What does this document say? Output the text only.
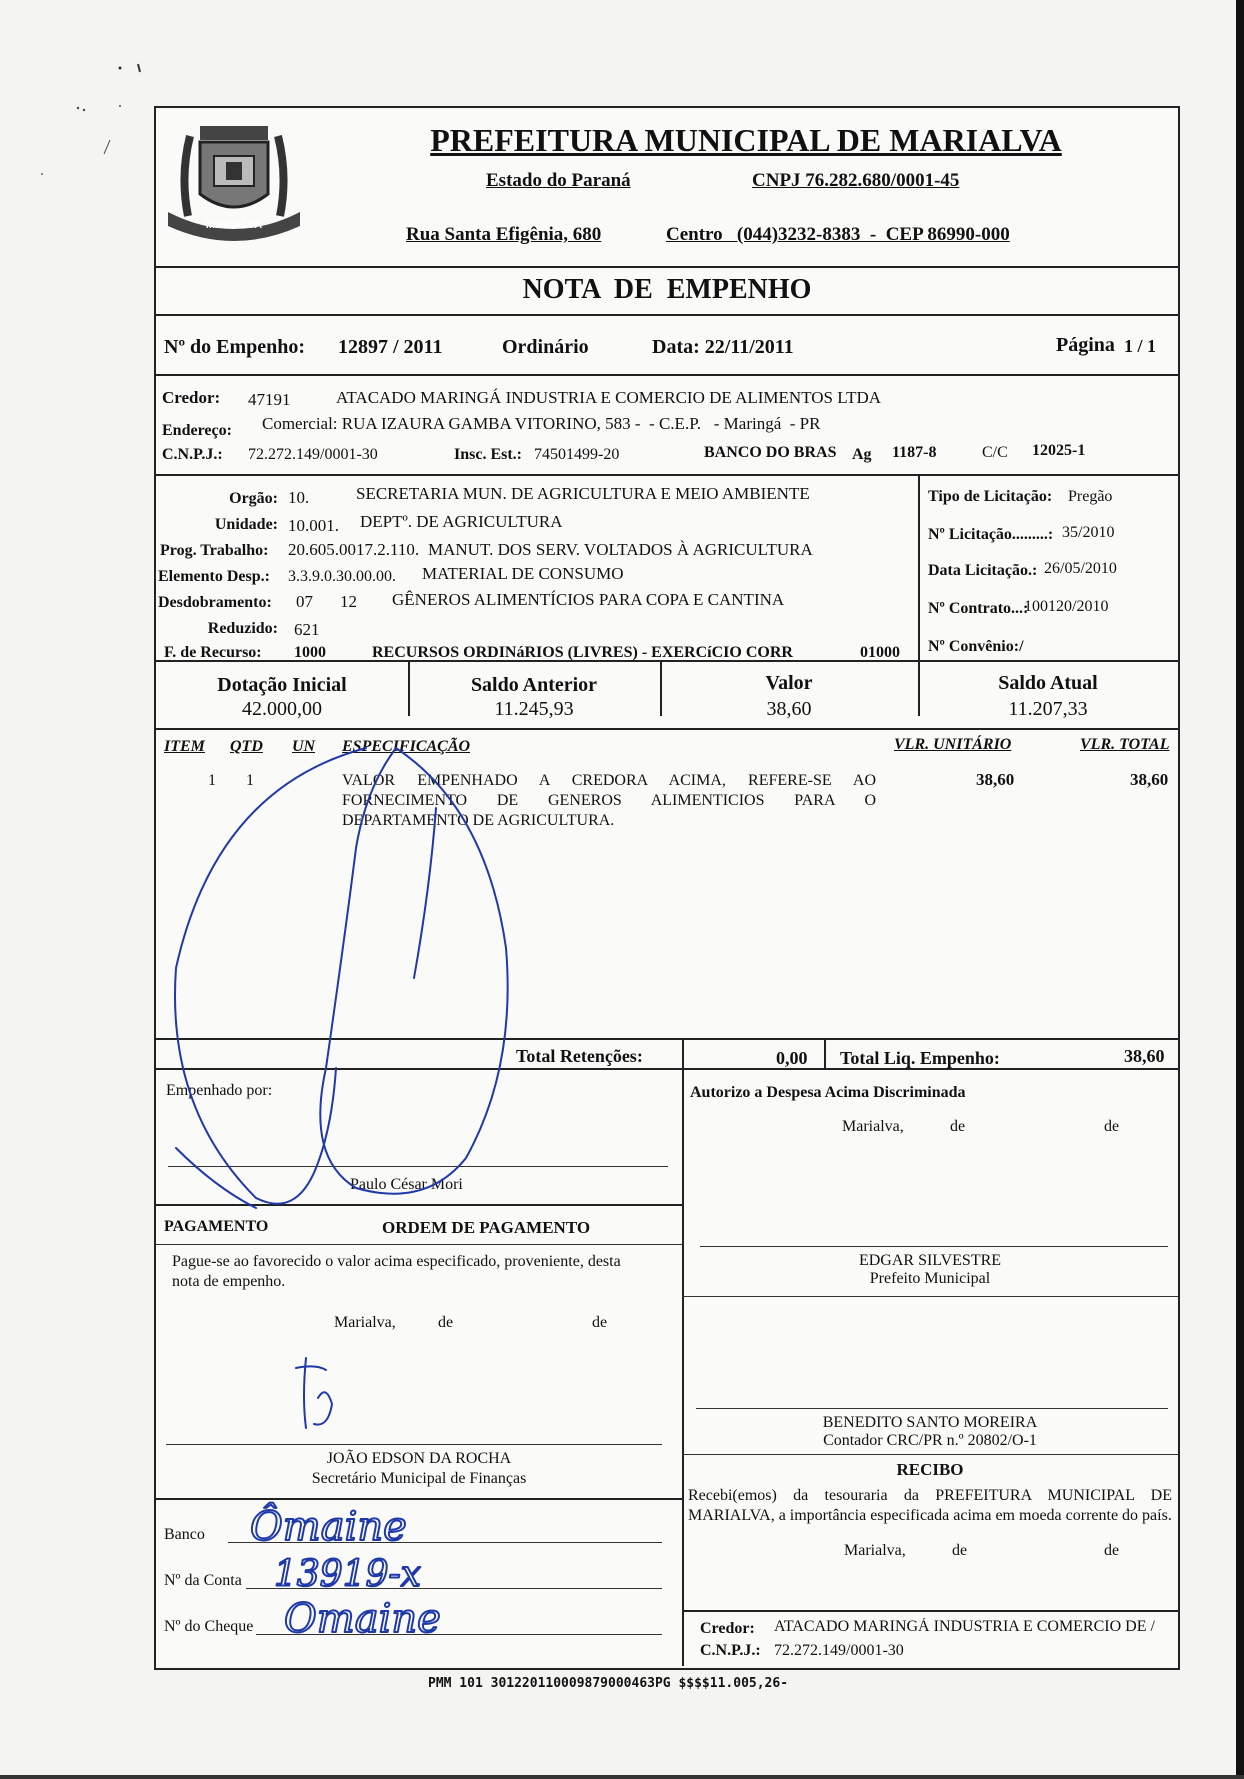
MARIALVA
PREFEITURA MUNICIPAL DE MARIALVA
Estado do Paraná	CNPJ 76.282.680/0001-45
Rua Santa Efigênia, 680	Centro   (044)3232-8383  -  CEP 86990-000
NOTA  DE  EMPENHO
Nº do Empenho: 12897 / 2011	Ordinário	Data: 22/11/2011	Página 1 / 1
Credor: 47191	ATACADO MARINGÁ INDUSTRIA E COMERCIO DE ALIMENTOS LTDA
Endereço: Comercial: RUA IZAURA GAMBA VITORINO, 583 -  - C.E.P.   - Maringá  - PR
C.N.P.J.: 72.272.149/0001-30	Insc. Est.: 74501499-20	BANCO DO BRAS Ag 1187-8	C/C 12025-1
Orgão: 10.	SECRETARIA MUN. DE AGRICULTURA E MEIO AMBIENTE
Unidade: 10.001. DEPTº. DE AGRICULTURA
Prog. Trabalho: 20.605.0017.2.110. MANUT. DOS SERV. VOLTADOS À AGRICULTURA
Elemento Desp.: 3.3.9.0.30.00.00. MATERIAL DE CONSUMO
Desdobramento: 07 12 GÊNEROS ALIMENTÍCIOS PARA COPA E CANTINA
Reduzido: 621
F. de Recurso: 1000	RECURSOS ORDINáRIOS (LIVRES) - EXERCíCIO CORR	01000
Tipo de Licitação: Pregão
Nº Licitação.........: 35/2010
Data Licitação.: 26/05/2010
Nº Contrato...:
100120/2010
Nº Convênio:/
Dotação Inicial
42.000,00
Saldo Anterior
11.245,93
Valor
38,60
Saldo Atual
11.207,33
ITEM QTD UN ESPECIFICAÇÃO	VLR. UNITÁRIO	VLR. TOTAL
1 1	VALOR EMPENHADO A CREDORA ACIMA, REFERE-SE AO
FORNECIMENTO DE GENEROS ALIMENTICIOS PARA O
DEPARTAMENTO DE AGRICULTURA.
38,60	38,60
Total Retenções:	0,00 Total Liq. Empenho:	38,60
Empenhado por:
Paulo César Mori
Autorizo a Despesa Acima Discriminada
Marialva,	de	de
EDGAR SILVESTRE
Prefeito Municipal
PAGAMENTO	ORDEM DE PAGAMENTO
Pague-se ao favorecido o valor acima especificado, proveniente, desta nota de empenho.
Marialva,	de	de
JOÃO EDSON DA ROCHA
Secretário Municipal de Finanças
BENEDITO SANTO MOREIRA
Contador CRC/PR n.º 20802/O-1
RECIBO
Recebi(emos) da tesouraria da PREFEITURA MUNICIPAL DE MARIALVA, a importância especificada acima em moeda corrente do país.
Marialva,	de	de
Credor: ATACADO MARINGÁ INDUSTRIA E COMERCIO DE /
C.N.P.J.: 72.272.149/0001-30
Banco
Nº da Conta
Nº do Cheque
Ômaine
13919-x
Omaine
PMM 101 301220110009879000463PG $$$$11.005,26-
